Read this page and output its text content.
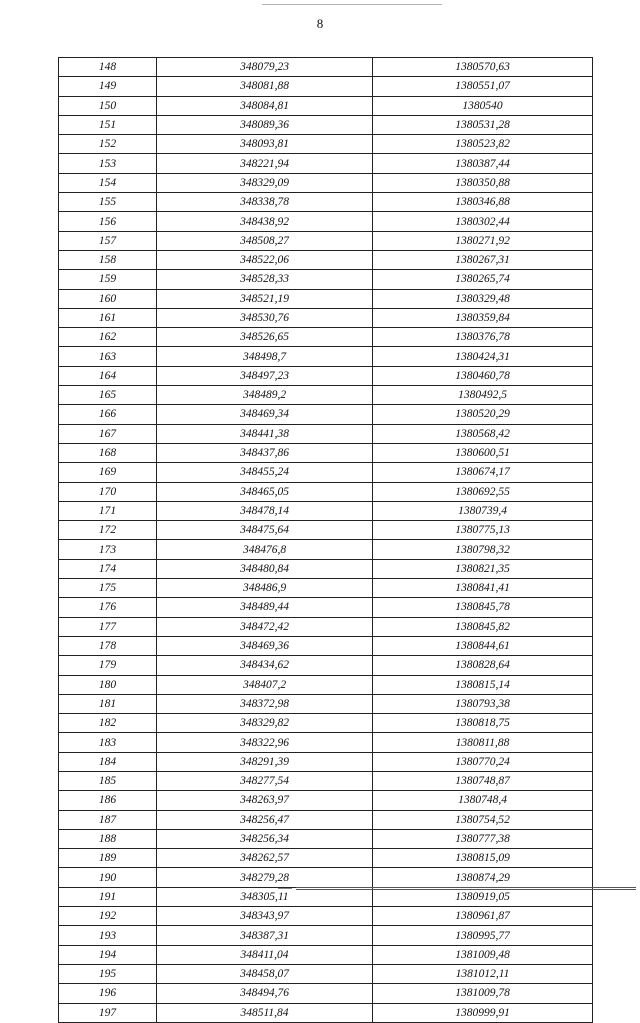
8
148	348079,23	1380570,63
149	348081,88	1380551,07
150	348084,81	1380540
151	348089,36	1380531,28
152	348093,81	1380523,82
153	348221,94	1380387,44
154	348329,09	1380350,88
155	348338,78	1380346,88
156	348438,92	1380302,44
157	348508,27	1380271,92
158	348522,06	1380267,31
159	348528,33	1380265,74
160	348521,19	1380329,48
161	348530,76	1380359,84
162	348526,65	1380376,78
163	348498,7	1380424,31
164	348497,23	1380460,78
165	348489,2	1380492,5
166	348469,34	1380520,29
167	348441,38	1380568,42
168	348437,86	1380600,51
169	348455,24	1380674,17
170	348465,05	1380692,55
171	348478,14	1380739,4
172	348475,64	1380775,13
173	348476,8	1380798,32
174	348480,84	1380821,35
175	348486,9	1380841,41
176	348489,44	1380845,78
177	348472,42	1380845,82
178	348469,36	1380844,61
179	348434,62	1380828,64
180	348407,2	1380815,14
181	348372,98	1380793,38
182	348329,82	1380818,75
183	348322,96	1380811,88
184	348291,39	1380770,24
185	348277,54	1380748,87
186	348263,97	1380748,4
187	348256,47	1380754,52
188	348256,34	1380777,38
189	348262,57	1380815,09
190	348279,28	1380874,29
191	348305,11	1380919,05
192	348343,97	1380961,87
193	348387,31	1380995,77
194	348411,04	1381009,48
195	348458,07	1381012,11
196	348494,76	1381009,78
197	348511,84	1380999,91
